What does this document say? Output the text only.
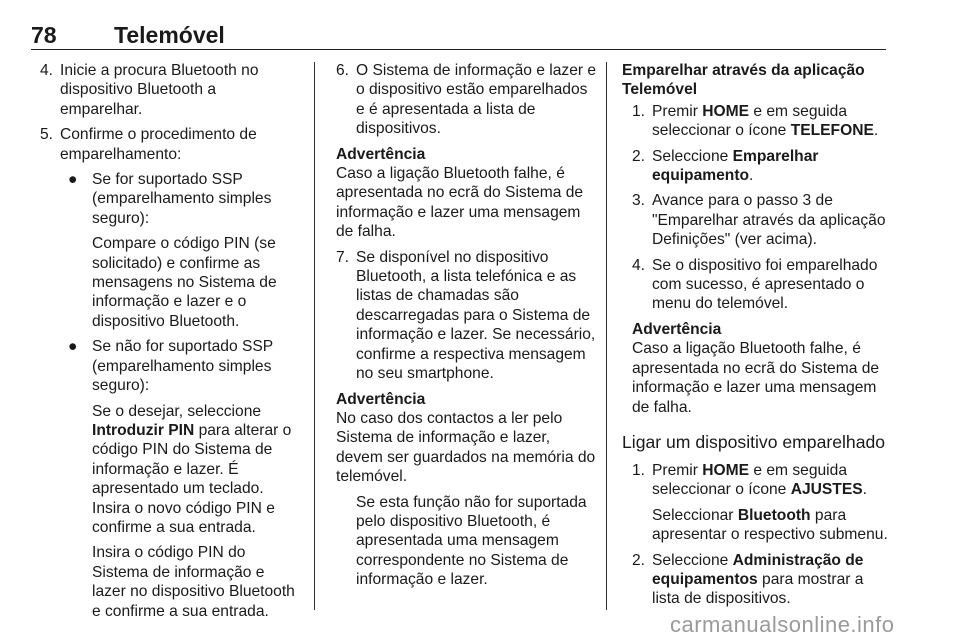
78 Telemóvel
4. Inicie a procura Bluetooth no dispositivo Bluetooth a emparelhar.
5. Confirme o procedimento de emparelhamento:
● Se for suportado SSP (emparelhamento simples seguro):
Compare o código PIN (se solicitado) e confirme as mensagens no Sistema de informação e lazer e o dispositivo Bluetooth.
● Se não for suportado SSP (emparelhamento simples seguro):
Se o desejar, seleccione Introduzir PIN para alterar o código PIN do Sistema de informação e lazer. É apresentado um teclado. Insira o novo código PIN e confirme a sua entrada.
Insira o código PIN do Sistema de informação e lazer no dispositivo Bluetooth e confirme a sua entrada.
6. O Sistema de informação e lazer e o dispositivo estão emparelhados e é apresentada a lista de dispositivos.
Advertência
Caso a ligação Bluetooth falhe, é apresentada no ecrã do Sistema de informação e lazer uma mensagem de falha.
7. Se disponível no dispositivo Bluetooth, a lista telefónica e as listas de chamadas são descarregadas para o Sistema de informação e lazer. Se necessário, confirme a respectiva mensagem no seu smartphone.
Advertência
No caso dos contactos a ler pelo Sistema de informação e lazer, devem ser guardados na memória do telemóvel.
Se esta função não for suportada pelo dispositivo Bluetooth, é apresentada uma mensagem correspondente no Sistema de informação e lazer.
Emparelhar através da aplicação Telemóvel
1. Premir HOME e em seguida seleccionar o ícone TELEFONE.
2. Seleccione Emparelhar equipamento.
3. Avance para o passo 3 de "Emparelhar através da aplicação Definições" (ver acima).
4. Se o dispositivo foi emparelhado com sucesso, é apresentado o menu do telemóvel.
Advertência
Caso a ligação Bluetooth falhe, é apresentada no ecrã do Sistema de informação e lazer uma mensagem de falha.
Ligar um dispositivo emparelhado
1. Premir HOME e em seguida seleccionar o ícone AJUSTES.
Seleccionar Bluetooth para apresentar o respectivo submenu.
2. Seleccione Administração de equipamentos para mostrar a lista de dispositivos.
carmanualsonline.info
